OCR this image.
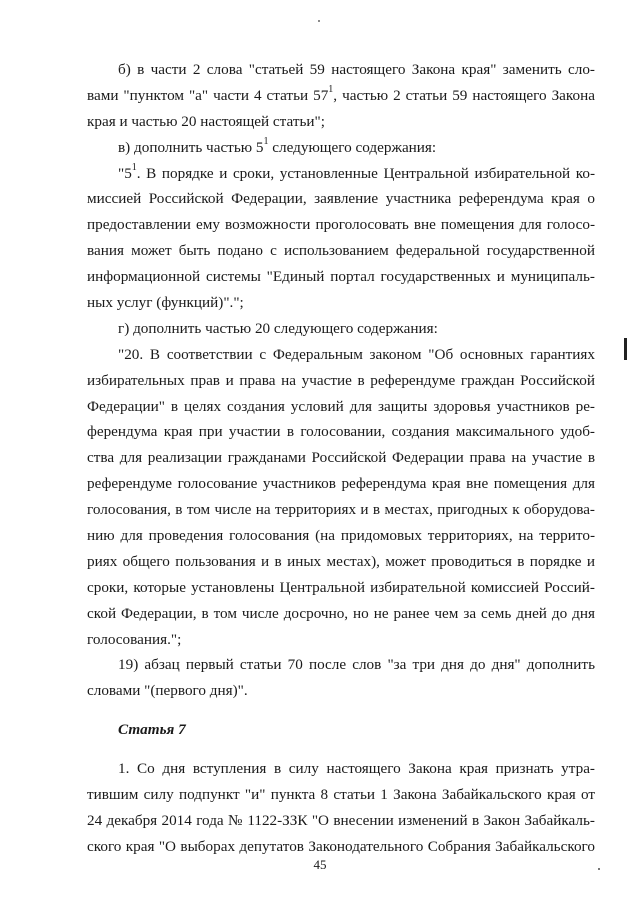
б) в части 2 слова "статьей 59 настоящего Закона края" заменить сло-
вами "пунктом "а" части 4 статьи $57^1$, частью 2 статьи 59 настоящего Закона
края и частью 20 настоящей статьи";
в) дополнить частью $5^1$ следующего содержания:
"$5^1$. В порядке и сроки, установленные Центральной избирательной ко-
миссией Российской Федерации, заявление участника референдума края о
предоставлении ему возможности проголосовать вне помещения для голосо-
вания может быть подано с использованием федеральной государственной
информационной системы "Единый портал государственных и муниципаль-
ных услуг (функций)".";
г) дополнить частью 20 следующего содержания:
"20. В соответствии с Федеральным законом "Об основных гарантиях
избирательных прав и права на участие в референдуме граждан Российской
Федерации" в целях создания условий для защиты здоровья участников ре-
ферендума края при участии в голосовании, создания максимального удоб-
ства для реализации гражданами Российской Федерации права на участие в
референдуме голосование участников референдума края вне помещения для
голосования, в том числе на территориях и в местах, пригодных к оборудова-
нию для проведения голосования (на придомовых территориях, на террито-
риях общего пользования и в иных местах), может проводиться в порядке и
сроки, которые установлены Центральной избирательной комиссией Россий-
ской Федерации, в том числе досрочно, но не ранее чем за семь дней до дня
голосования.";
19) абзац первый статьи 70 после слов "за три дня до дня" дополнить
словами "(первого дня)".
Статья 7
1. Со дня вступления в силу настоящего Закона края признать утра-
тившим силу подпункт "и" пункта 8 статьи 1 Закона Забайкальского края от
24 декабря 2014 года № 1122-ЗЗК "О внесении изменений в Закон Забайкаль-
ского края "О выборах депутатов Законодательного Собрания Забайкальского
45
